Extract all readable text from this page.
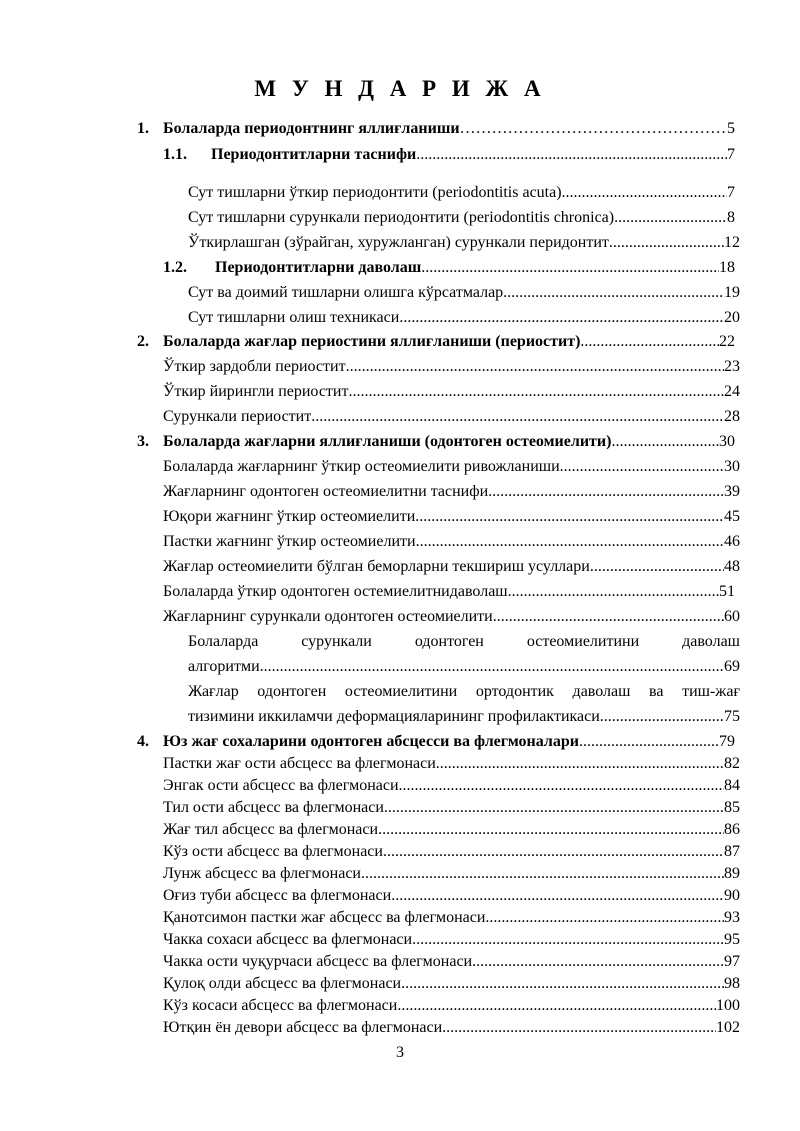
М У Н Д А Р И Ж А
1. Болаларда периодонтнинг яллиғланиши ……………………………………………………………………………………………………	5
1.1.	Периодонтитларни таснифи .....	7
Сут тишларни ўткир периодонтити (periodontitis acuta) .....	7
Сут тишларни сурункали периодонтити (periodontitis chronica) .....	8
Ўткирлашган (зўрайган, хуружланган) сурункали перидонтит .....	12
1.2.	Периодонтитларни даволаш .....	18
Сут ва доимий тишларни олишга кўрсатмалар .....	19
Сут тишларни олиш техникаси .....	20
2. Болаларда жағлар периостини яллиғланиши (периостит) .....	22
Ўткир зардобли периостит .....	23
Ўткир йирингли периостит .....	24
Сурункали периостит .....	28
3. Болаларда жағларни яллиғланиши (одонтоген остеомиелити) .....	30
Болаларда жағларнинг ўткир остеомиелити ривожланиши .....	30
Жағларнинг одонтоген остеомиелитни таснифи .....	39
Юқори жағнинг ўткир остеомиелити .....	45
Пастки жағнинг ўткир остеомиелити .....	46
Жағлар остеомиелити бўлган беморларни текшириш усуллари .....	48
Болаларда ўткир одонтоген остемиелитнидаволаш .....	51
Жағларнинг сурункали одонтоген остеомиелити .....	60
Болаларда сурункали одонтоген остеомиелитини даволаш
алгоритми .....	69
Жағлар одонтоген остеомиелитини ортодонтик даволаш ва тиш-жағ
тизимини иккиламчи деформацияларининг профилактикаси .....	75
4. Юз жағ сохаларини одонтоген абсцесси ва флегмоналари .....	79
Пастки жағ ости абсцесс ва флегмонаси .....	82
Энгак ости абсцесс ва флегмонаси .....	84
Тил ости абсцесс ва флегмонаси .....	85
Жағ тил абсцесс ва флегмонаси .....	86
Кўз ости абсцесс ва флегмонаси .....	87
Лунж абсцесс ва флегмонаси .....	89
Оғиз туби абсцесс ва флегмонаси .....	90
Қанотсимон пастки жағ абсцесс ва флегмонаси .....	93
Чакка сохаси абсцесс ва флегмонаси .....	95
Чакка ости чуқурчаси абсцесс ва флегмонаси .....	97
Қулоқ олди абсцесс ва флегмонаси .....	98
Кўз косаси абсцесс ва флегмонаси .....	100
Ютқин ён девори абсцесс ва флегмонаси .....	102
3
